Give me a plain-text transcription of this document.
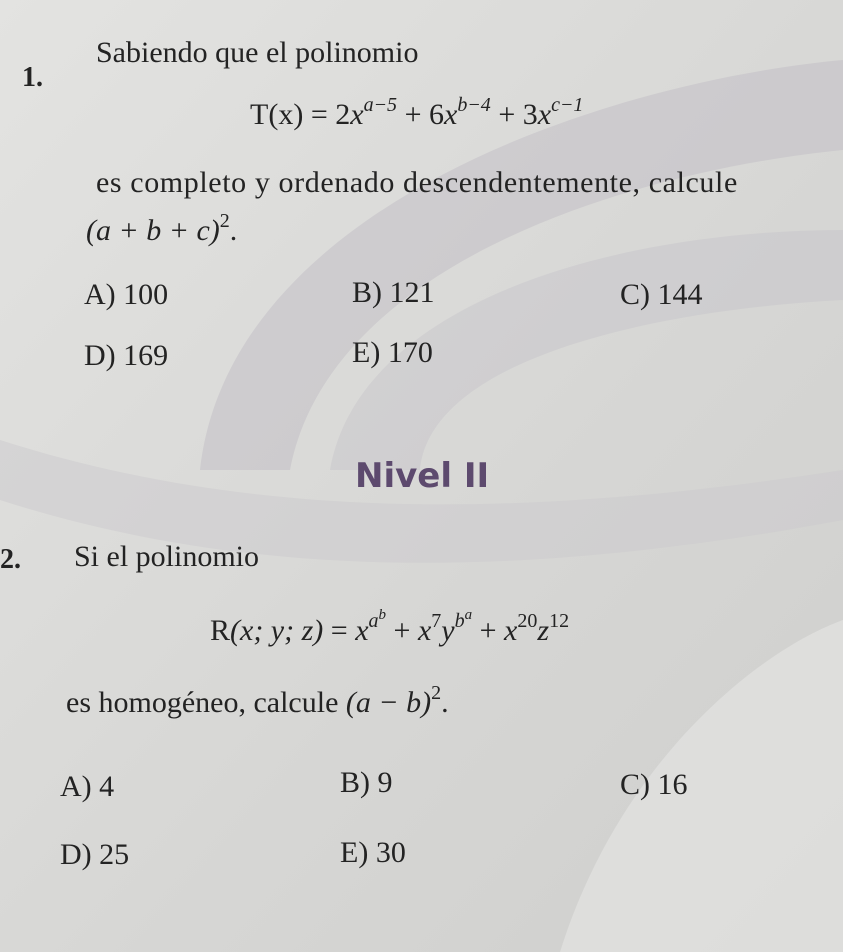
1.
Sabiendo que el polinomio
$T(x) = 2x^{a-5} + 6x^{b-4} + 3x^{c-1}$
es completo y ordenado descendentemente, calcule
$(a + b + c)^2$.
A) 100	B) 121	C) 144
D) 169	E) 170
Nivel II
2. Si el polinomio
R(x; y; $z) = x^{a^b} + x^7y^{b^a} + x^{20}z^{12}$
es homogéneo, calcule $(a - b)^2$.
A) 4	B) 9	C) 16
D) 25	E) 30
